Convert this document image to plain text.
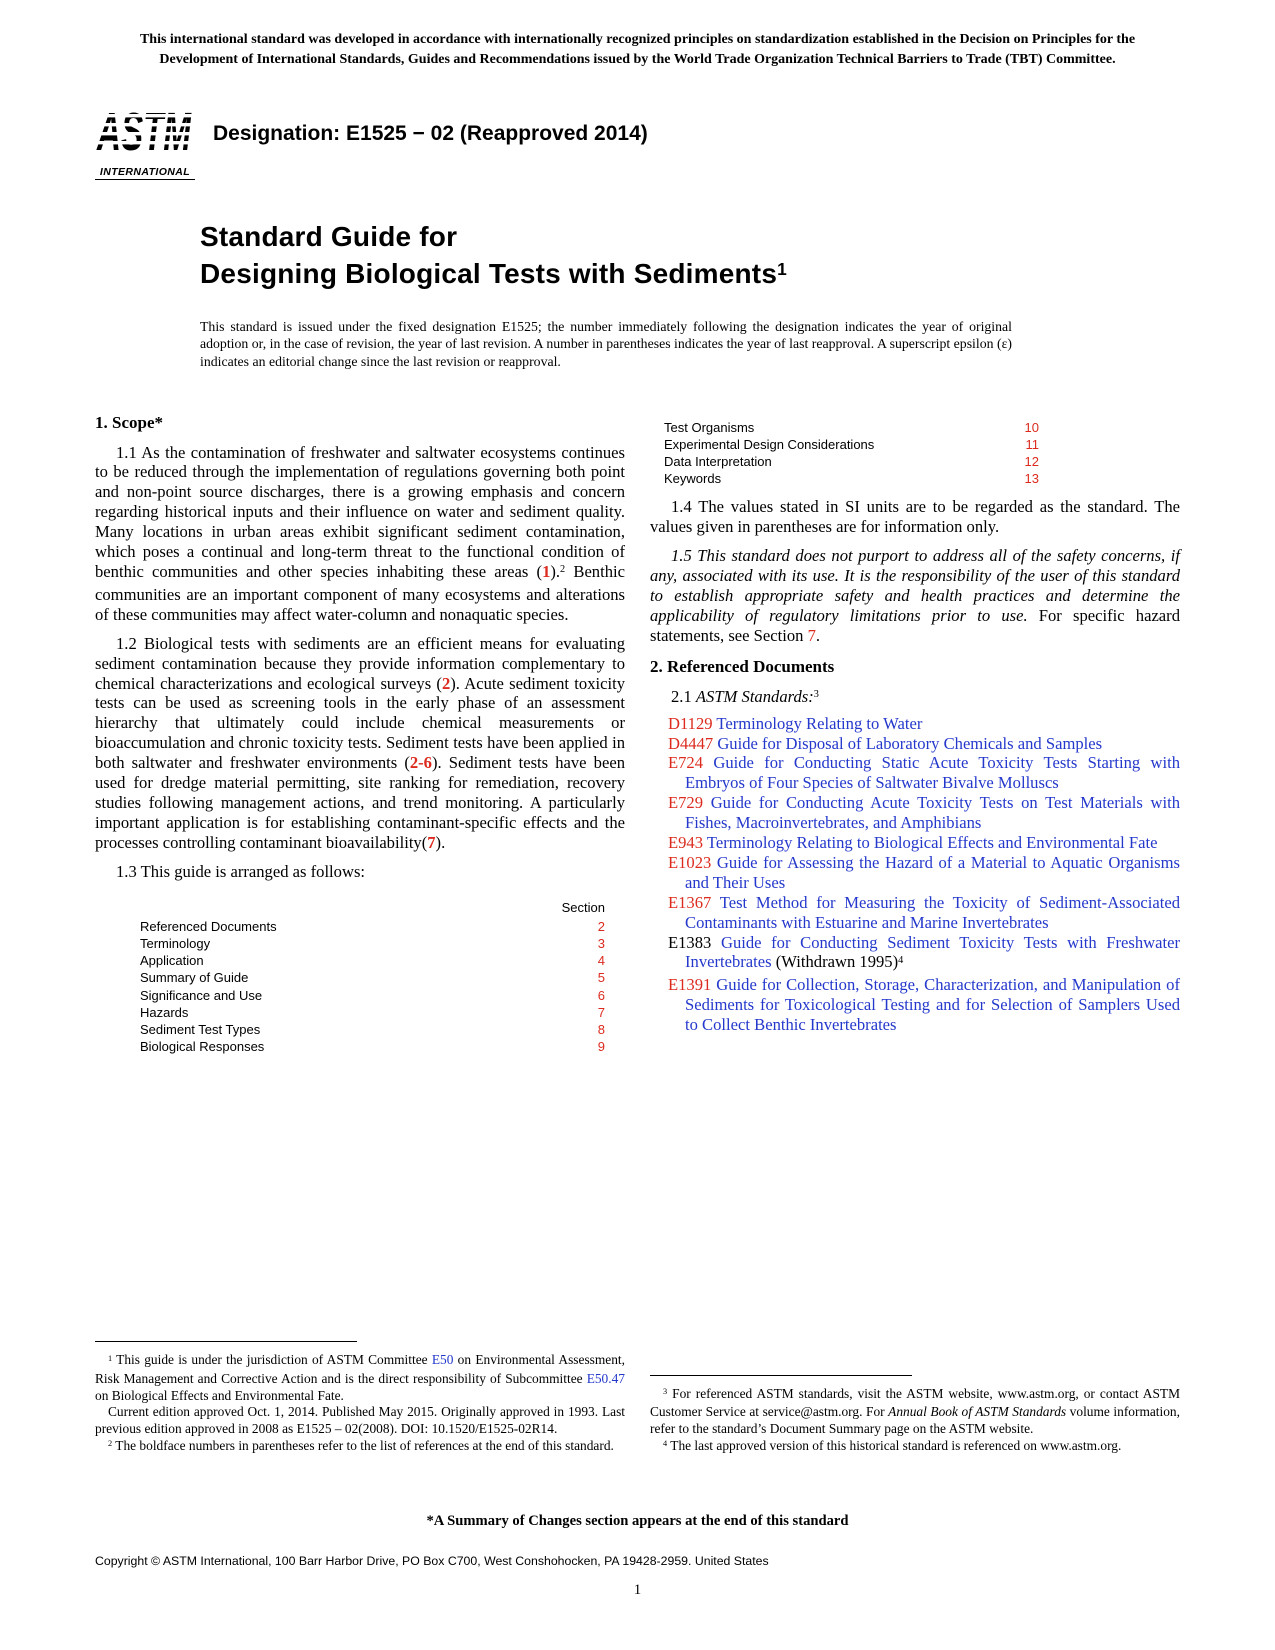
This international standard was developed in accordance with internationally recognized principles on standardization established in the Decision on Principles for the Development of International Standards, Guides and Recommendations issued by the World Trade Organization Technical Barriers to Trade (TBT) Committee.

INTERNATIONAL
Designation: E1525 − 02 (Reapproved 2014)
Standard Guide for
Designing Biological Tests with Sediments$^1$

This standard is issued under the fixed designation E1525; the number immediately following the designation indicates the year of original adoption or, in the case of revision, the year of last revision. A number in parentheses indicates the year of last reapproval. A superscript epsilon (ε) indicates an editorial change since the last revision or reapproval.

1. Scope*

1.1 As the contamination of freshwater and saltwater ecosystems continues to be reduced through the implementation of regulations governing both point and non-point source discharges, there is a growing emphasis and concern regarding historical inputs and their influence on water and sediment quality. Many locations in urban areas exhibit significant sediment contamination, which poses a continual and long-term threat to the functional condition of benthic communities and other species inhabiting these areas (1).$^2$ Benthic communities are an important component of many ecosystems and alterations of these communities may affect water-column and nonaquatic species.

1.2 Biological tests with sediments are an efficient means for evaluating sediment contamination because they provide information complementary to chemical characterizations and ecological surveys (2). Acute sediment toxicity tests can be used as screening tools in the early phase of an assessment hierarchy that ultimately could include chemical measurements or bioaccumulation and chronic toxicity tests. Sediment tests have been applied in both saltwater and freshwater environments (2-6). Sediment tests have been used for dredge material permitting, site ranking for remediation, recovery studies following management actions, and trend monitoring. A particularly important application is for establishing contaminant-specific effects and the processes controlling contaminant bioavailability(7).

1.3 This guide is arranged as follows:

Section
Referenced Documents	2
Terminology	3
Application	4
Summary of Guide	5
Significance and Use	6
Hazards	7
Sediment Test Types	8
Biological Responses	9

$^1$ This guide is under the jurisdiction of ASTM Committee E50 on Environmental Assessment, Risk Management and Corrective Action and is the direct responsibility of Subcommittee E50.47 on Biological Effects and Environmental Fate.

Current edition approved Oct. 1, 2014. Published May 2015. Originally approved in 1993. Last previous edition approved in 2008 as E1525 – 02(2008). DOI: 10.1520/E1525-02R14.

$^2$ The boldface numbers in parentheses refer to the list of references at the end of this standard.

Test Organisms	10
Experimental Design Considerations	11
Data Interpretation	12
Keywords	13

1.4 The values stated in SI units are to be regarded as the standard. The values given in parentheses are for information only.

1.5 This standard does not purport to address all of the safety concerns, if any, associated with its use. It is the responsibility of the user of this standard to establish appropriate safety and health practices and determine the applicability of regulatory limitations prior to use. For specific hazard statements, see Section 7.

2. Referenced Documents

2.1 ASTM Standards:$^3$

D1129 Terminology Relating to Water

D4447 Guide for Disposal of Laboratory Chemicals and Samples

E724 Guide for Conducting Static Acute Toxicity Tests Starting with Embryos of Four Species of Saltwater Bivalve Molluscs

E729 Guide for Conducting Acute Toxicity Tests on Test Materials with Fishes, Macroinvertebrates, and Amphibians

E943 Terminology Relating to Biological Effects and Environmental Fate

E1023 Guide for Assessing the Hazard of a Material to Aquatic Organisms and Their Uses

E1367 Test Method for Measuring the Toxicity of Sediment-Associated Contaminants with Estuarine and Marine Invertebrates

E1383 Guide for Conducting Sediment Toxicity Tests with Freshwater Invertebrates (Withdrawn 1995)$^4$

E1391 Guide for Collection, Storage, Characterization, and Manipulation of Sediments for Toxicological Testing and for Selection of Samplers Used to Collect Benthic Invertebrates

$^3$ For referenced ASTM standards, visit the ASTM website, www.astm.org, or contact ASTM Customer Service at service@astm.org. For Annual Book of ASTM Standards volume information, refer to the standard’s Document Summary page on the ASTM website.

$^4$ The last approved version of this historical standard is referenced on www.astm.org.

*A Summary of Changes section appears at the end of this standard

Copyright © ASTM International, 100 Barr Harbor Drive, PO Box C700, West Conshohocken, PA 19428-2959. United States

1
